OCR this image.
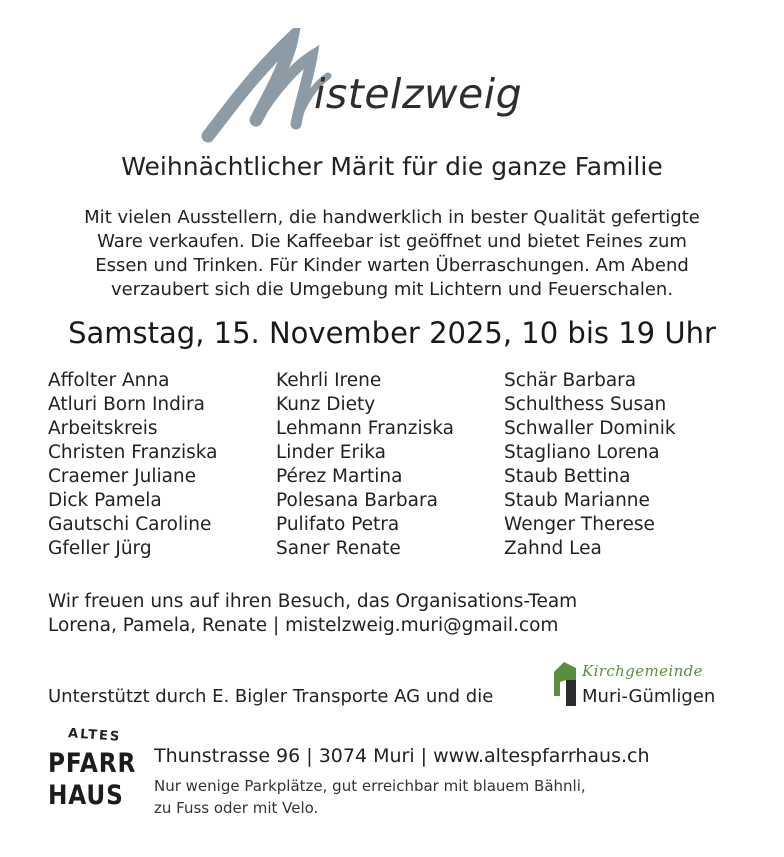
istelzweig
Weihnächtlicher Märit für die ganze Familie
Mit vielen Ausstellern, die handwerklich in bester Qualität gefertigte
Ware verkaufen. Die Kaffeebar ist geöffnet und bietet Feines zum
Essen und Trinken. Für Kinder warten Überraschungen. Am Abend
verzaubert sich die Umgebung mit Lichtern und Feuerschalen.
Samstag, 15. November 2025, 10 bis 19 Uhr
Affolter Anna
Atluri Born Indira
Arbeitskreis
Christen Franziska
Craemer Juliane
Dick Pamela
Gautschi Caroline
Gfeller Jürg
Kehrli Irene
Kunz Diety
Lehmann Franziska
Linder Erika
Pérez Martina
Polesana Barbara
Pulifato Petra
Saner Renate
Schär Barbara
Schulthess Susan
Schwaller Dominik
Stagliano Lorena
Staub Bettina
Staub Marianne
Wenger Therese
Zahnd Lea
Wir freuen uns auf ihren Besuch, das Organisations-Team
Lorena, Pamela, Renate | mistelzweig.muri@gmail.com
Unterstützt durch E. Bigler Transporte AG und die
Kirchgemeinde
Muri-Gümligen
ALTES
PFARR
HAUS
Thunstrasse 96 | 3074 Muri | www.altespfarrhaus.ch
Nur wenige Parkplätze, gut erreichbar mit blauem Bähnli,
zu Fuss oder mit Velo.
